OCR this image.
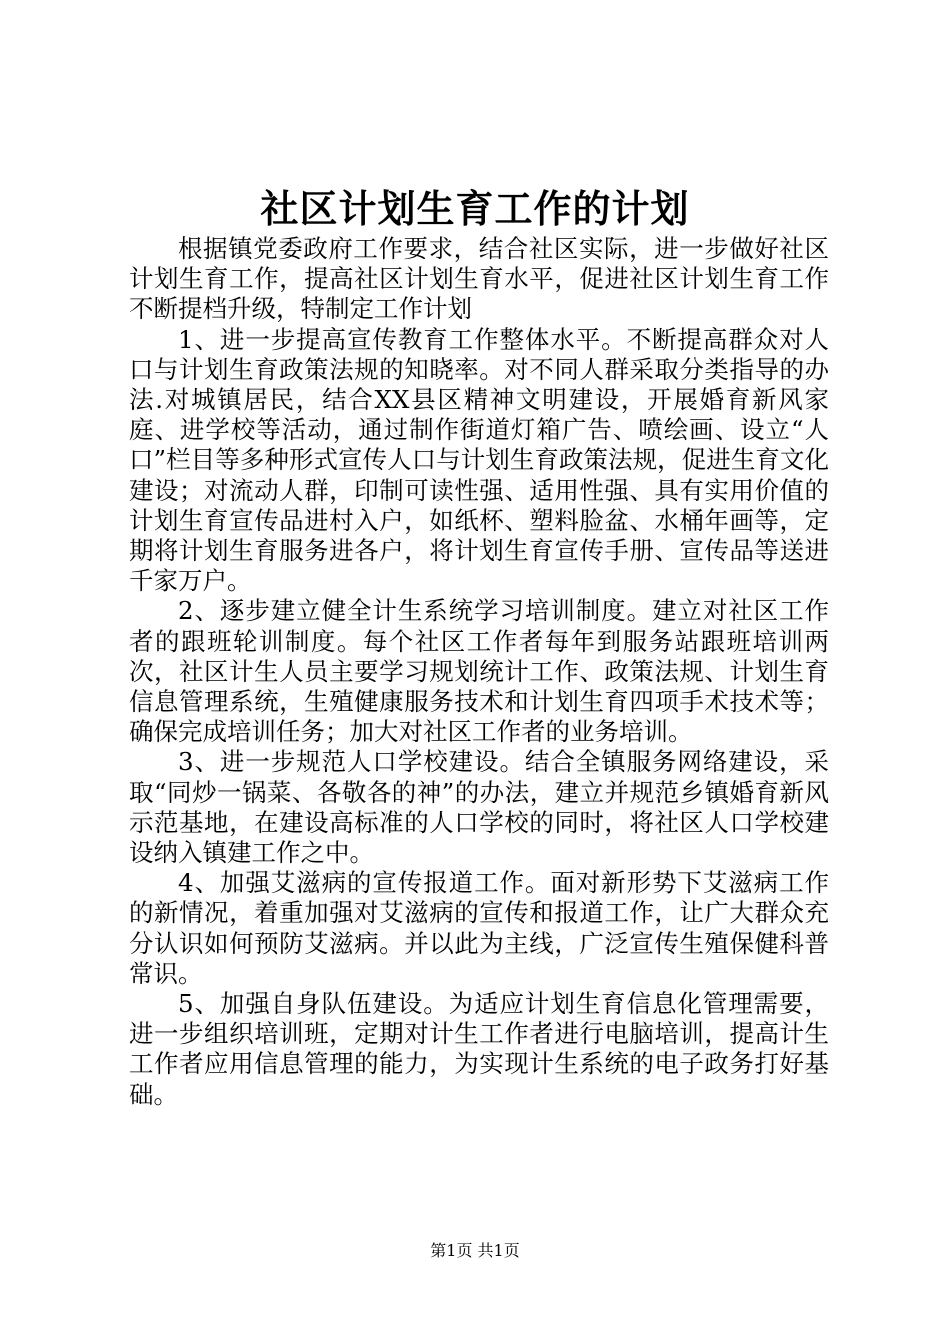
社区计划生育工作的计划

根据镇党委政府工作要求，结合社区实际，进一步做好社区计划生育工作，提高社区计划生育水平，促进社区计划生育工作不断提档升级，特制定工作计划

1、进一步提高宣传教育工作整体水平。不断提高群众对人口与计划生育政策法规的知晓率。对不同人群采取分类指导的办法.对城镇居民，结合XX县区精神文明建设，开展婚育新风家庭、进学校等活动，通过制作街道灯箱广告、喷绘画、设立“人口”栏目等多种形式宣传人口与计划生育政策法规，促进生育文化建设；对流动人群，印制可读性强、适用性强、具有实用价值的计划生育宣传品进村入户，如纸杯、塑料脸盆、水桶年画等，定期将计划生育服务进各户，将计划生育宣传手册、宣传品等送进千家万户。

2、逐步建立健全计生系统学习培训制度。建立对社区工作者的跟班轮训制度。每个社区工作者每年到服务站跟班培训两次，社区计生人员主要学习规划统计工作、政策法规、计划生育信息管理系统，生殖健康服务技术和计划生育四项手术技术等；确保完成培训任务；加大对社区工作者的业务培训。

3、进一步规范人口学校建设。结合全镇服务网络建设，采取“同炒一锅菜、各敬各的神”的办法，建立并规范乡镇婚育新风示范基地，在建设高标准的人口学校的同时，将社区人口学校建设纳入镇建工作之中。

4、加强艾滋病的宣传报道工作。面对新形势下艾滋病工作的新情况，着重加强对艾滋病的宣传和报道工作，让广大群众充分认识如何预防艾滋病。并以此为主线，广泛宣传生殖保健科普常识。

5、加强自身队伍建设。为适应计划生育信息化管理需要，进一步组织培训班，定期对计生工作者进行电脑培训，提高计生工作者应用信息管理的能力，为实现计生系统的电子政务打好基础。

第1页 共1页
